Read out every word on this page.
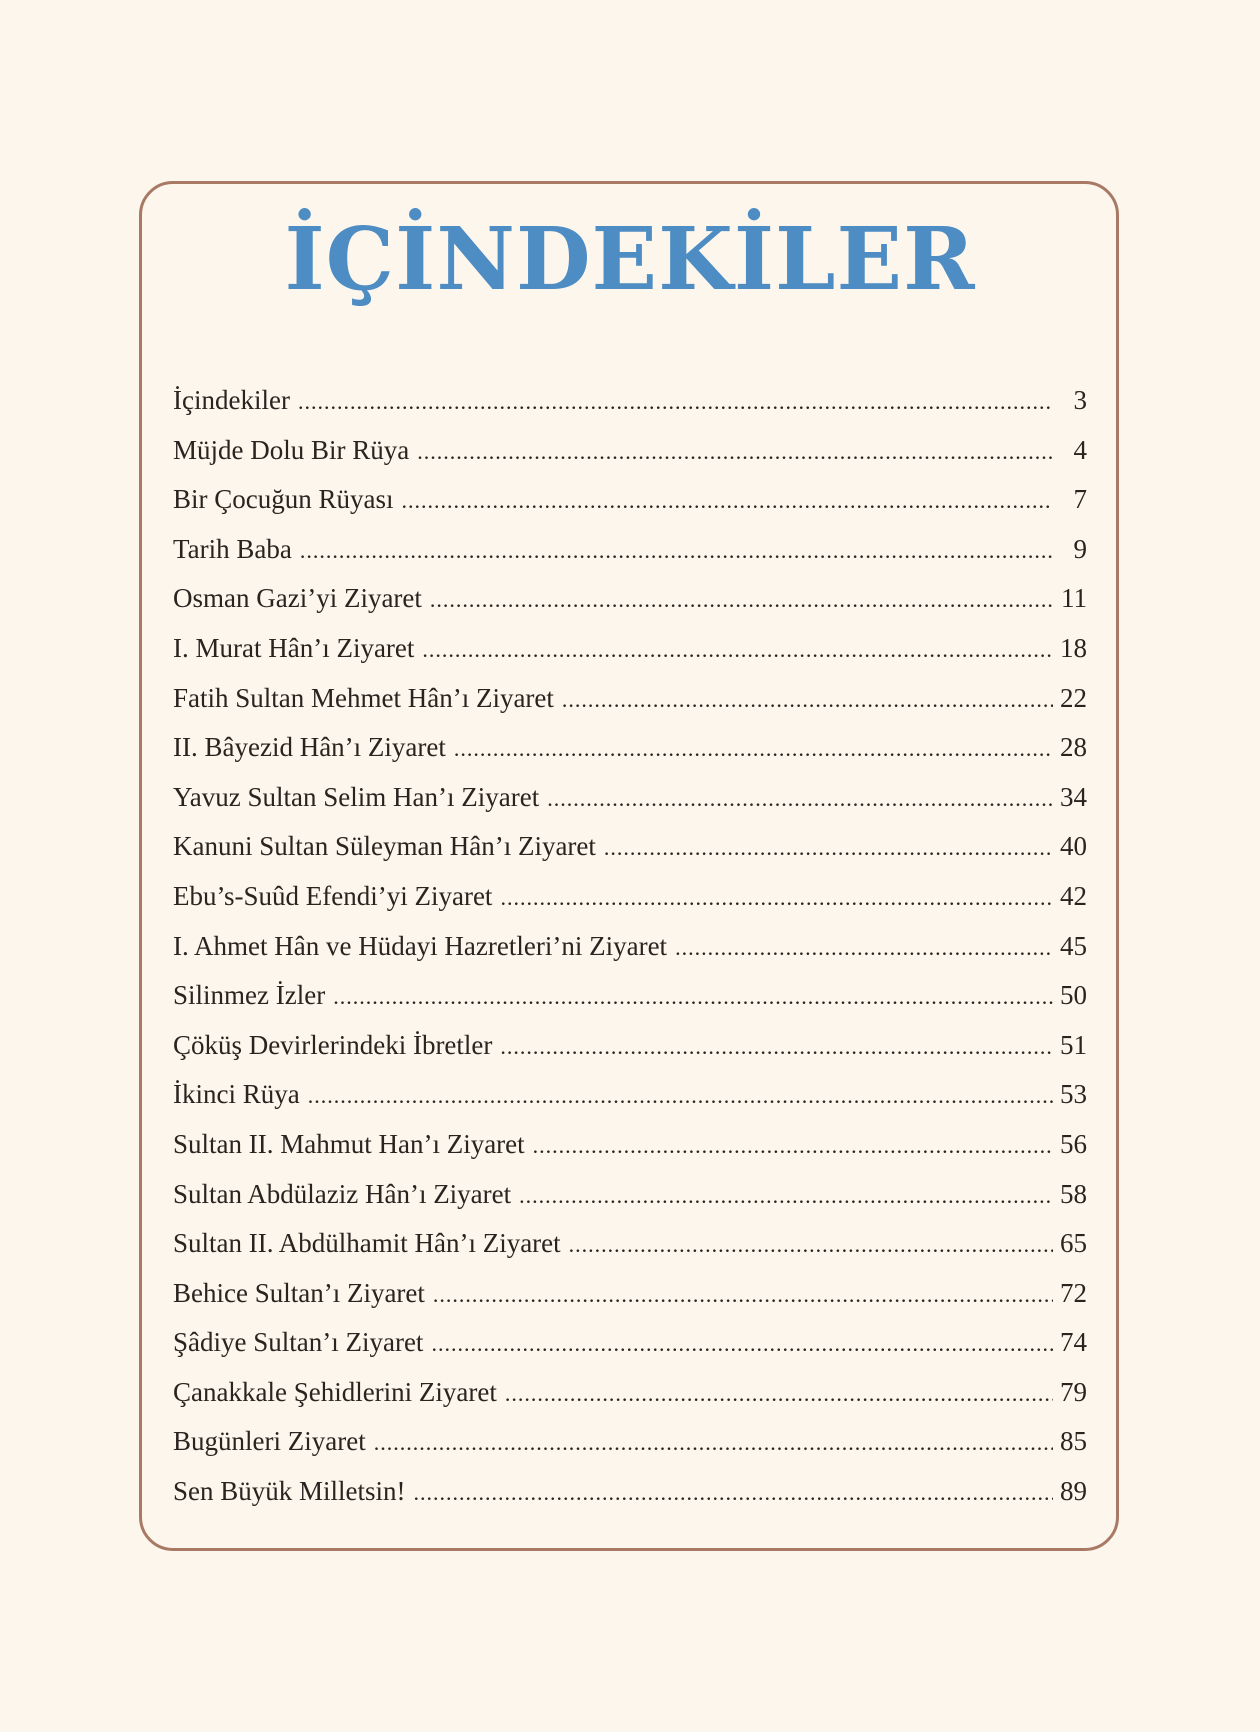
İÇİNDEKİLER
İçindekiler .....	3
Müjde Dolu Bir Rüya .....	4
Bir Çocuğun Rüyası .....	7
Tarih Baba .....	9
Osman Gazi’yi Ziyaret .....	11
I. Murat Hân’ı Ziyaret .....	18
Fatih Sultan Mehmet Hân’ı Ziyaret .....	22
II. Bâyezid Hân’ı Ziyaret .....	28
Yavuz Sultan Selim Han’ı Ziyaret .....	34
Kanuni Sultan Süleyman Hân’ı Ziyaret .....	40
Ebu’s-Suûd Efendi’yi Ziyaret .....	42
I. Ahmet Hân ve Hüdayi Hazretleri’ni Ziyaret .....	45
Silinmez İzler .....	50
Çöküş Devirlerindeki İbretler .....	51
İkinci Rüya .....	53
Sultan II. Mahmut Han’ı Ziyaret .....	56
Sultan Abdülaziz Hân’ı Ziyaret .....	58
Sultan II. Abdülhamit Hân’ı Ziyaret .....	65
Behice Sultan’ı Ziyaret .....	72
Şâdiye Sultan’ı Ziyaret .....	74
Çanakkale Şehidlerini Ziyaret .....	79
Bugünleri Ziyaret .....	85
Sen Büyük Milletsin! .....	89
